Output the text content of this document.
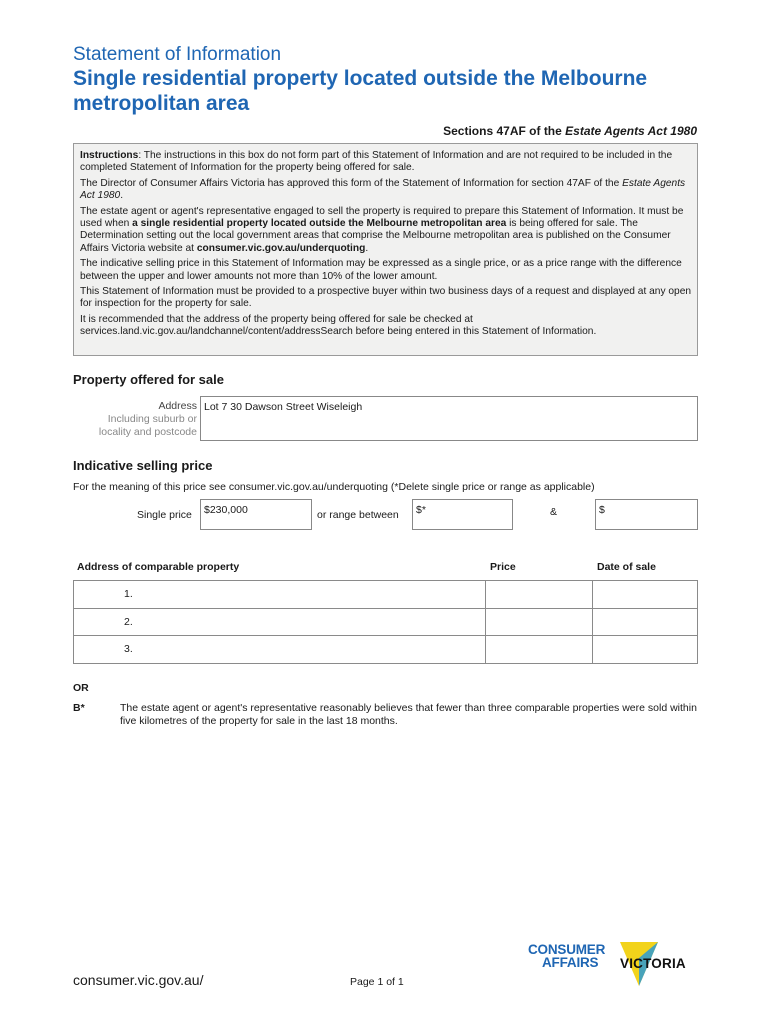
Statement of Information
Single residential property located outside the Melbourne metropolitan area
Sections 47AF of the Estate Agents Act 1980

Instructions: The instructions in this box do not form part of this Statement of Information and are not required to be included in the completed Statement of Information for the property being offered for sale.

The Director of Consumer Affairs Victoria has approved this form of the Statement of Information for section 47AF of the Estate Agents Act 1980.

The estate agent or agent's representative engaged to sell the property is required to prepare this Statement of Information. It must be used when a single residential property located outside the Melbourne metropolitan area is being offered for sale. The Determination setting out the local government areas that comprise the Melbourne metropolitan area is published on the Consumer Affairs Victoria website at consumer.vic.gov.au/underquoting.

The indicative selling price in this Statement of Information may be expressed as a single price, or as a price range with the difference between the upper and lower amounts not more than 10% of the lower amount.

This Statement of Information must be provided to a prospective buyer within two business days of a request and displayed at any open for inspection for the property for sale.

It is recommended that the address of the property being offered for sale be checked at services.land.vic.gov.au/landchannel/content/addressSearch before being entered in this Statement of Information.

Property offered for sale
Address
Including suburb or
locality and postcode
Lot 7 30 Dawson Street Wiseleigh
Indicative selling price
For the meaning of this price see consumer.vic.gov.au/underquoting (*Delete single price or range as applicable)
Single price	$230,000	or range between	$*	&	$
Address of comparable property	Price	Date of sale
1.		
2.		
3.		
OR
B*	The estate agent or agent's representative reasonably believes that fewer than three comparable properties were sold within five kilometres of the property for sale in the last 18 months.
CONSUMER
AFFAIRS VICTORIA
consumer.vic.gov.au/	Page 1 of 1
